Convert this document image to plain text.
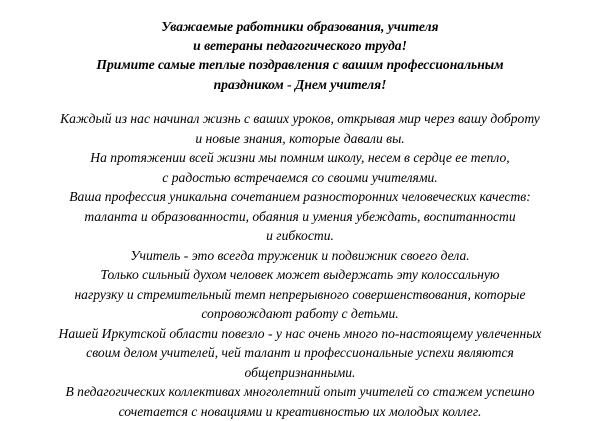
Уважаемые работники образования, учителя
и ветераны педагогического труда!
Примите самые теплые поздравления с вашим профессиональным
праздником - Днем учителя!
Каждый из нас начинал жизнь с ваших уроков, открывая мир через вашу доброту
и новые знания, которые давали вы.
На протяжении всей жизни мы помним школу, несем в сердце ее тепло,
с радостью встречаемся со своими учителями.
Ваша профессия уникальна сочетанием разносторонних человеческих качеств:
таланта и образованности, обаяния и умения убеждать, воспитанности
и гибкости.
Учитель - это всегда труженик и подвижник своего дела.
Только сильный духом человек может выдержать эту колоссальную
нагрузку и стремительный темп непрерывного совершенствования, которые
сопровождают работу с детьми.
Нашей Иркутской области повезло - у нас очень много по-настоящему увлеченных
своим делом учителей, чей талант и профессиональные успехи являются
общепризнанными.
В педагогических коллективах многолетний опыт учителей со стажем успешно
сочетается с новациями и креативностью их молодых коллег.
